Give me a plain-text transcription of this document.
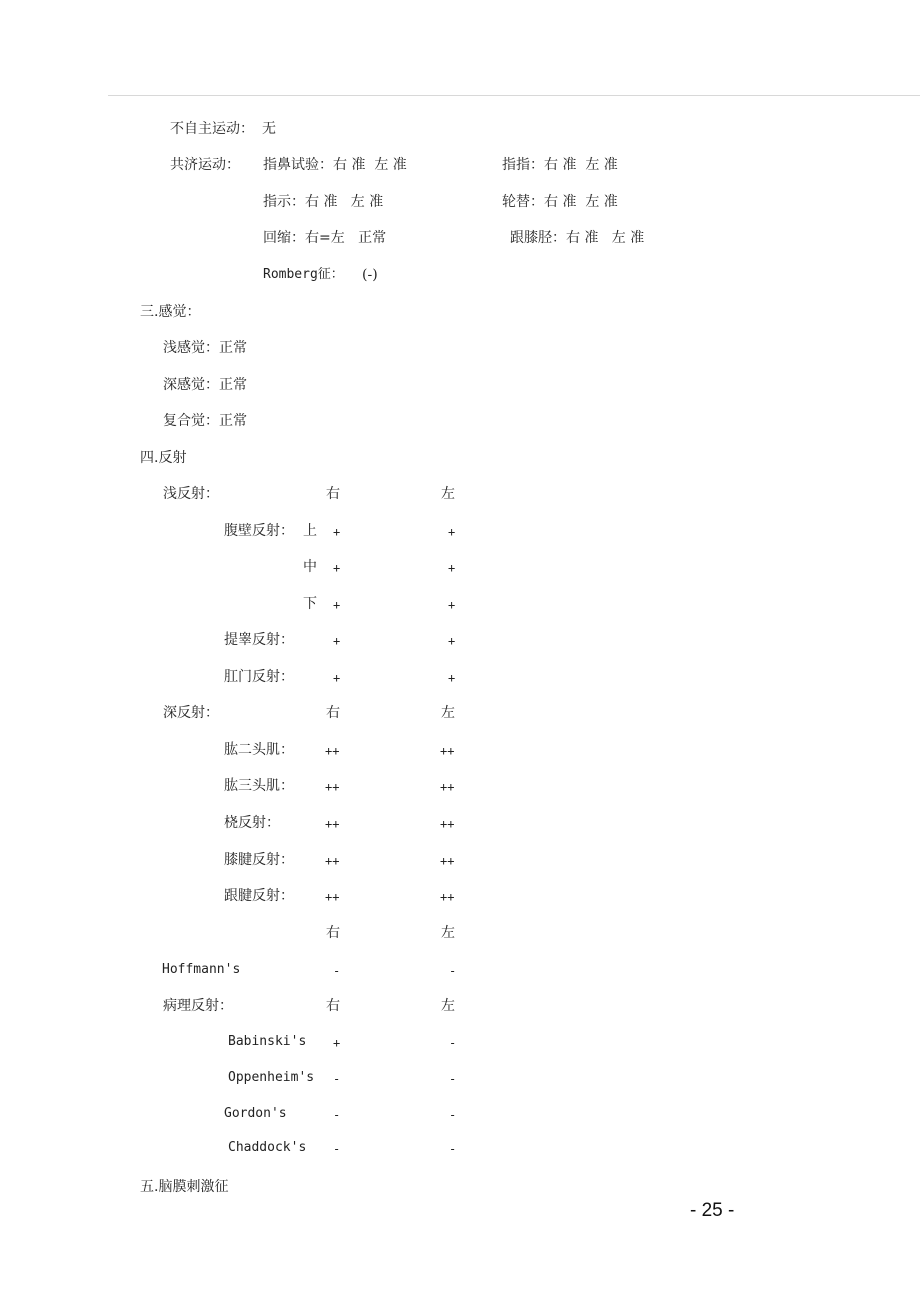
不自主运动： 无
共济运动： 指鼻试验：右 准  左 准	指指：右 准  左 准
指示：右 准   左 准	轮替：右 准  左 准
回缩：右=左   正常	跟膝胫：右 准   左 准
Romberg征： (-)
三.感觉：
浅感觉：正常
深感觉：正常
复合觉：正常
四.反射
浅反射：	右	左
腹壁反射： 上 +	+
中 +	+
下 +	+
提睾反射：	+	+
肛门反射：	+	+
深反射：	右	左
肱二头肌：	++	++
肱三头肌：	++	++
桡反射：	++	++
膝腱反射：	++	++
跟腱反射：	++	++
右	左
Hoffmann's	-	-
病理反射：	右	左
Babinski's +	-
Oppenheim's -	-
Gordon's	-	-
Chaddock's -	-
五.脑膜刺激征
- 25 -
